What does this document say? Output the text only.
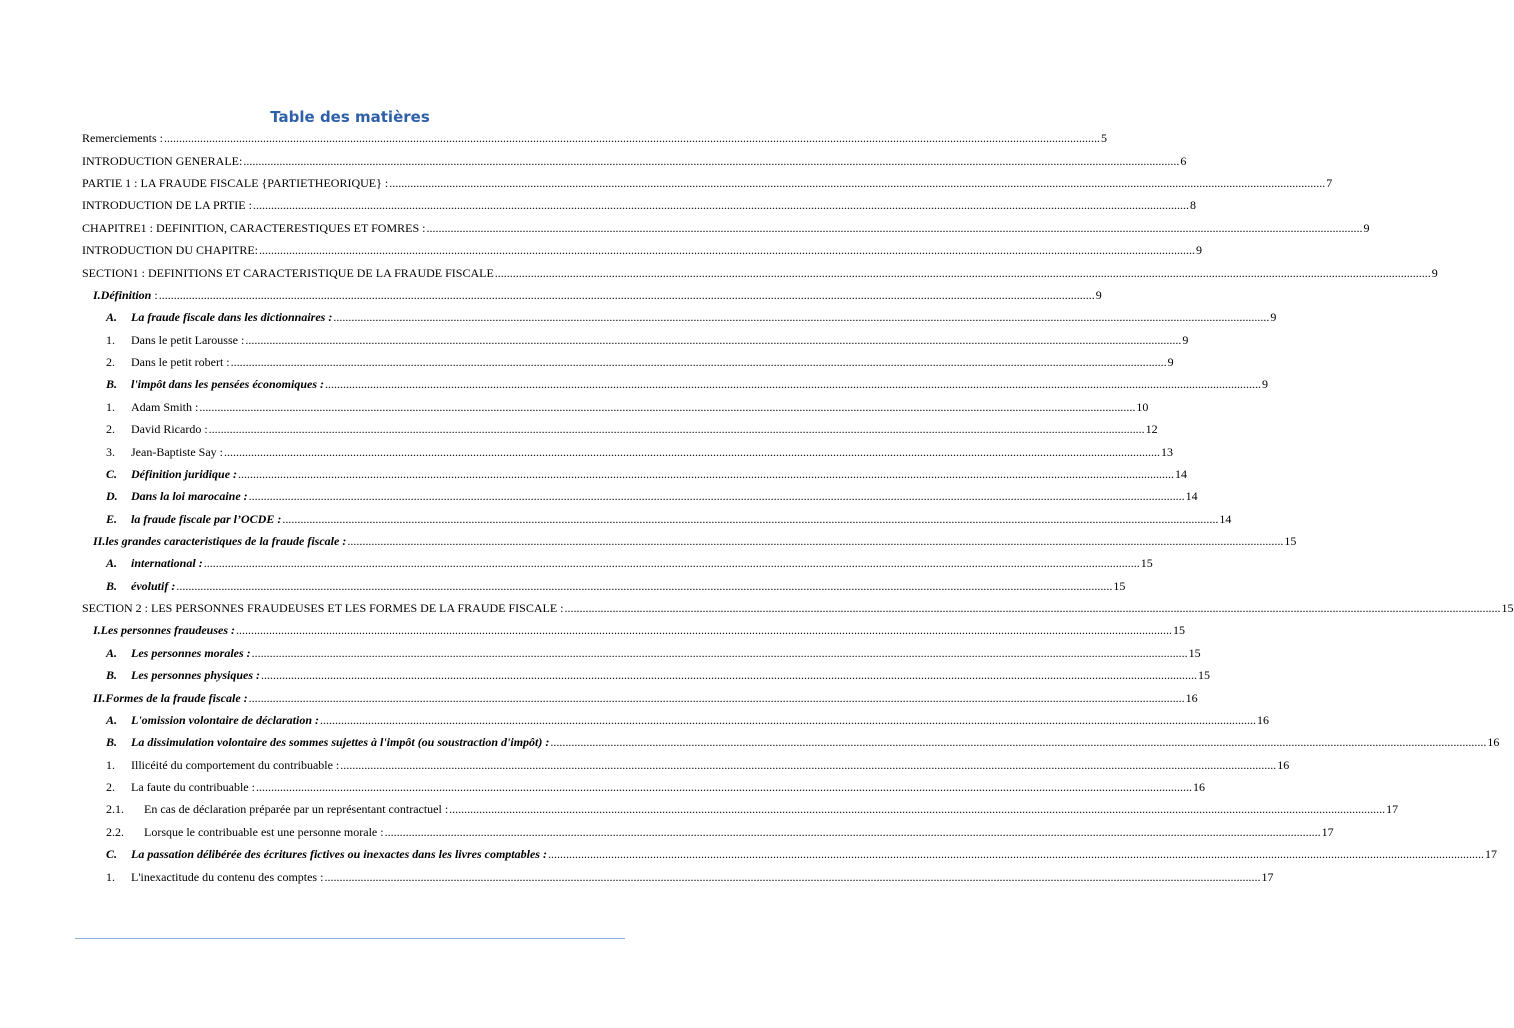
Table des matières
Remerciements : .....	5
INTRODUCTION GENERALE: .....	6
PARTIE 1 : LA FRAUDE FISCALE {PARTIETHEORIQUE} : .....	7
INTRODUCTION DE LA PRTIE : .....	8
CHAPITRE1 : DEFINITION, CARACTERESTIQUES ET FOMRES : .....	9
INTRODUCTION DU CHAPITRE: .....	9
SECTION1 : DEFINITIONS ET CARACTERISTIQUE DE LA FRAUDE FISCALE .....	9
I.Définition : .....	9
A.	La fraude fiscale dans les dictionnaires : .....	9
1.	Dans le petit Larousse : .....	9
2.	Dans le petit robert : .....	9
B.	l'impôt dans les pensées économiques : .....	9
1.	Adam Smith : .....	10
2.	David Ricardo : .....	12
3.	Jean-Baptiste Say : .....	13
C.	Définition juridique : .....	14
D.	Dans la loi marocaine : .....	14
E.	la fraude fiscale par l’OCDE : .....	14
II.les grandes caracteristiques de la fraude fiscale : .....	15
A.	international : .....	15
B.	évolutif : .....	15
SECTION 2 : LES PERSONNES FRAUDEUSES ET LES FORMES DE LA FRAUDE FISCALE : .....	15
I.Les personnes fraudeuses : .....	15
A.	Les personnes morales : .....	15
B.	Les personnes physiques : .....	15
II.Formes de la fraude fiscale : .....	16
A.	L'omission volontaire de déclaration : .....	16
B.	La dissimulation volontaire des sommes sujettes à l'impôt (ou soustraction d'impôt) : .....	16
1.	Illicéité du comportement du contribuable : .....	16
2.	La faute du contribuable : .....	16
2.1.	En cas de déclaration préparée par un représentant contractuel : .....	17
2.2.	Lorsque le contribuable est une personne morale : .....	17
C.	La passation délibérée des écritures fictives ou inexactes dans les livres comptables : .....	17
1.	L'inexactitude du contenu des comptes : .....	17
